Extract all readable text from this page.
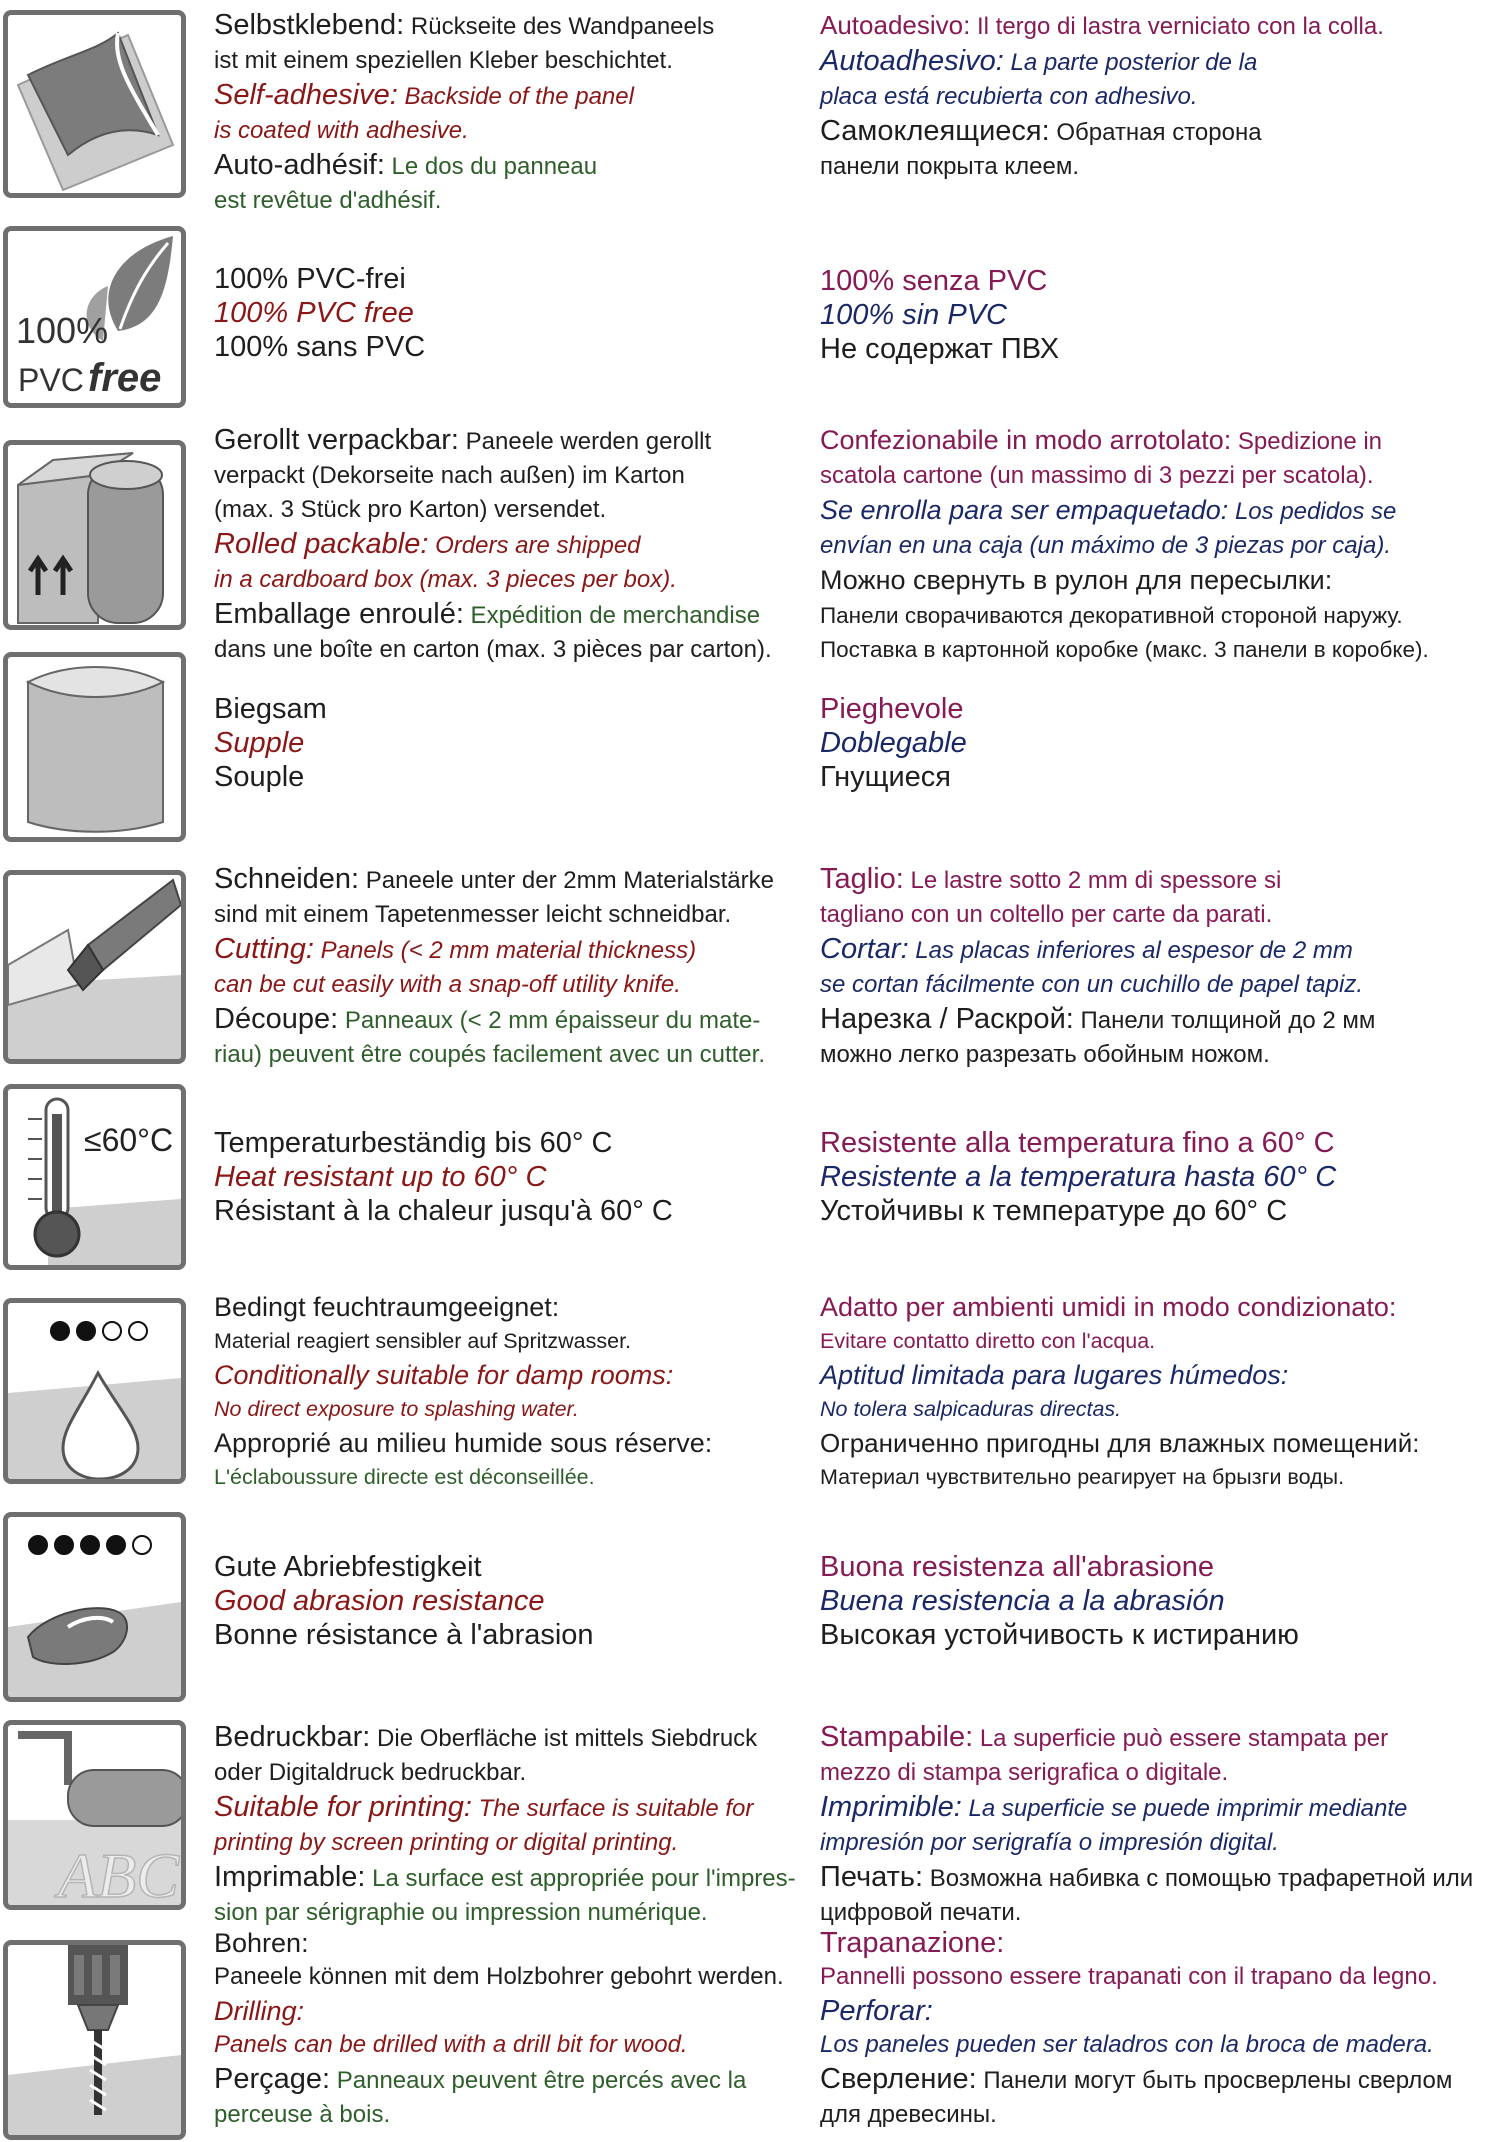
Selbstklebend: Rückseite des Wandpaneels

ist mit einem speziellen Kleber beschichtet.

Self-adhesive: Backside of the panel

is coated with adhesive.

Auto-adhésif: Le dos du panneau

est revêtue d'adhésif.

Autoadesivo: Il tergo di lastra verniciato con la colla.

Autoadhesivo: La parte posterior de la

placa está recubierta con adhesivo.

Самоклеящиеся: Обратная сторона

панели покрыта клеем.

100%
PVC free

100% PVC-frei

100% PVC free

100% sans PVC

100% senza PVC

100% sin PVC

Не содержат ПВХ

Gerollt verpackbar: Paneele werden gerollt

verpackt (Dekorseite nach außen) im Karton

(max. 3 Stück pro Karton) versendet.

Rolled packable: Orders are shipped

in a cardboard box (max. 3 pieces per box).

Emballage enroulé: Expédition de merchandise

dans une boîte en carton (max. 3 pièces par carton).

Confezionabile in modo arrotolato: Spedizione in

scatola cartone (un massimo di 3 pezzi per scatola).

Se enrolla para ser empaquetado: Los pedidos se

envían en una caja (un máximo de 3 piezas por caja).

Можно свернуть в рулон для пересылки:

Панели сворачиваются декоративной стороной наружу.

Поставка в картонной коробке (макс. 3 панели в коробке).

Biegsam

Supple

Souple

Pieghevole

Doblegable

Гнущиеся

Schneiden: Paneele unter der 2mm Materialstärke

sind mit einem Tapetenmesser leicht schneidbar.

Cutting: Panels (< 2 mm material thickness)

can be cut easily with a snap-off utility knife.

Découpe: Panneaux (< 2 mm épaisseur du mate-

riau) peuvent être coupés facilement avec un cutter.

Taglio: Le lastre sotto 2 mm di spessore si

tagliano con un coltello per carte da parati.

Cortar: Las placas inferiores al espesor de 2 mm

se cortan fácilmente con un cuchillo de papel tapiz.

Нарезка / Раскрой: Панели толщиной до 2 мм

можно легко разрезать обойным ножом.

≤60°C Temperaturbeständig bis 60° C

Heat resistant up to 60° C

Résistant à la chaleur jusqu'à 60° C

Resistente alla temperatura fino a 60° C

Resistente a la temperatura hasta 60° C

Устойчивы к температуре до 60° C

Bedingt feuchtraumgeeignet:

Material reagiert sensibler auf Spritzwasser.

Conditionally suitable for damp rooms:

No direct exposure to splashing water.

Approprié au milieu humide sous réserve:

L'éclaboussure directe est déconseillée.

Adatto per ambienti umidi in modo condizionato:

Evitare contatto diretto con l'acqua.

Aptitud limitada para lugares húmedos:

No tolera salpicaduras directas.

Ограниченно пригодны для влажных помещений:

Материал чувствительно реагирует на брызги воды.

Gute Abriebfestigkeit

Good abrasion resistance

Bonne résistance à l'abrasion

Buona resistenza all'abrasione

Buena resistencia a la abrasión

Высокая устойчивость к истиранию

ABC

Bedruckbar: Die Oberfläche ist mittels Siebdruck

oder Digitaldruck bedruckbar.

Suitable for printing: The surface is suitable for

printing by screen printing or digital printing.

Imprimable: La surface est appropriée pour l'impres-

sion par sérigraphie ou impression numérique.

Stampabile: La superficie può essere stampata per

mezzo di stampa serigrafica o digitale.

Imprimible: La superficie se puede imprimir mediante

impresión por serigrafía o impresión digital.

Печать: Возможна набивка с помощью трафаретной или

цифровой печати.

Bohren:

Paneele können mit dem Holzbohrer gebohrt werden.

Drilling:

Panels can be drilled with a drill bit for wood.

Perçage: Panneaux peuvent être percés avec la

perceuse à bois.

Trapanazione:

Pannelli possono essere trapanati con il trapano da legno.

Perforar:

Los paneles pueden ser taladros con la broca de madera.

Сверление: Панели могут быть просверлены сверлом

для древесины.
